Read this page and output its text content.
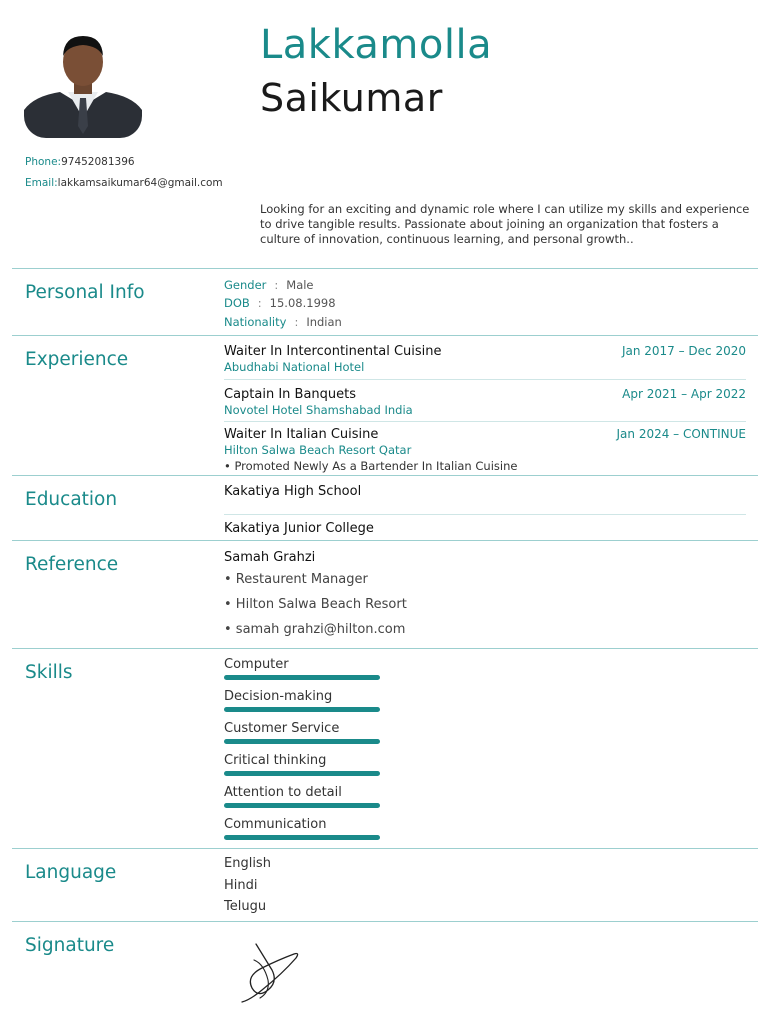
Lakkamolla
Saikumar
Phone:97452081396
Email:lakkamsaikumar64@gmail.com
Looking for an exciting and dynamic role where I can utilize my skills and experience to drive tangible results. Passionate about joining an organization that fosters a culture of innovation, continuous learning, and personal growth..
Personal Info	Gender : Male
DOB : 15.08.1998
Nationality : Indian
Experience	Waiter In Intercontinental Cuisine
Abudhabi National Hotel
Jan 2017 – Dec 2020
Captain In Banquets
Novotel Hotel Shamshabad India
Apr 2021 – Apr 2022
Waiter In Italian Cuisine
Hilton Salwa Beach Resort Qatar
• Promoted Newly As a Bartender In Italian Cuisine
Jan 2024 – CONTINUE
Education	Kakatiya High School
Kakatiya Junior College
Reference	Samah Grahzi
• Restaurent Manager
• Hilton Salwa Beach Resort
• samah grahzi@hilton.com
Skills	Computer
Decision-making
Customer Service
Critical thinking
Attention to detail
Communication
Language	English
Hindi
Telugu
Signature
